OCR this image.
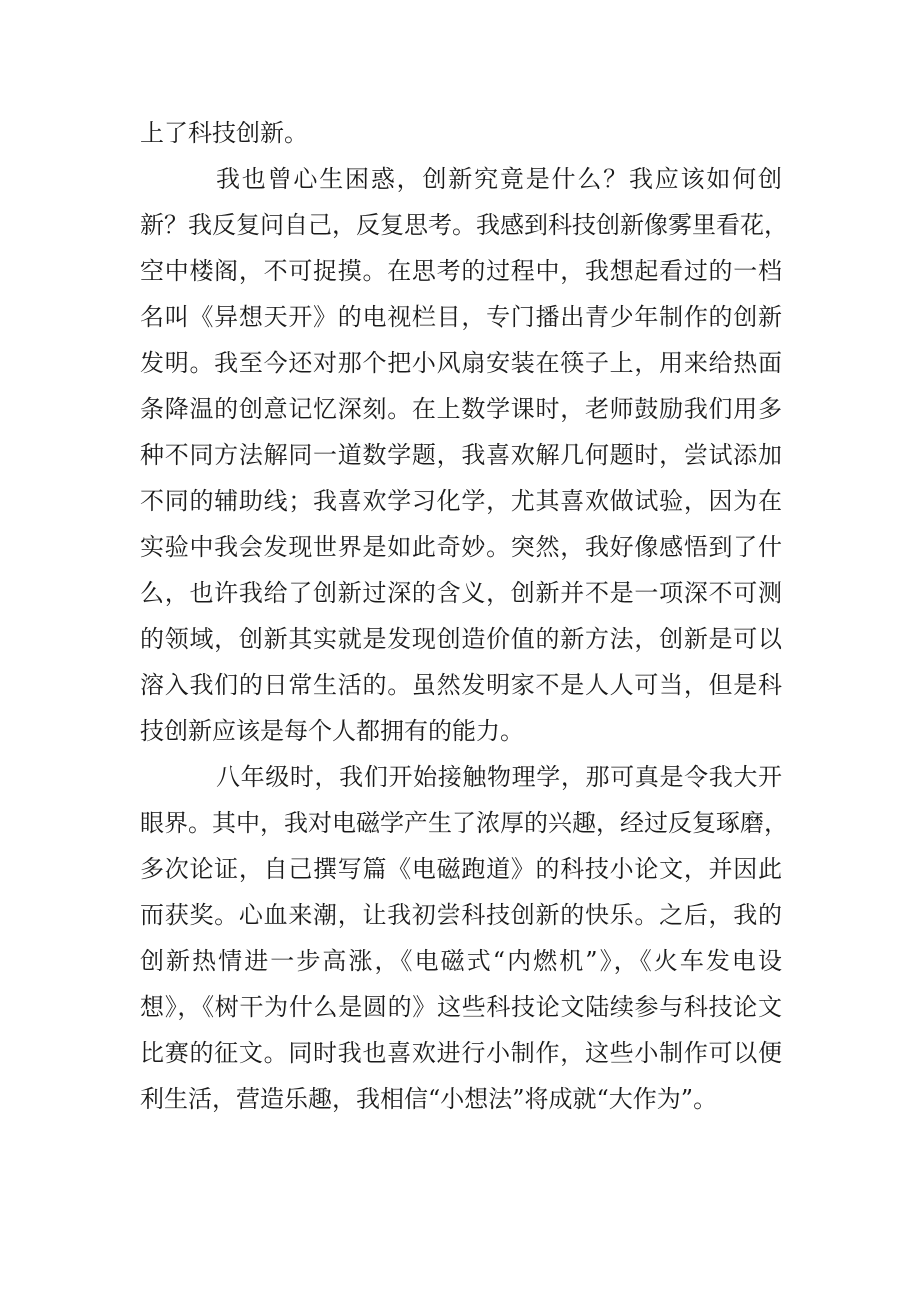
上了科技创新。
我也曾心生困惑，创新究竟是什么？我应该如何创
新？我反复问自己，反复思考。我感到科技创新像雾里看花，
空中楼阁，不可捉摸。在思考的过程中，我想起看过的一档
名叫《异想天开》的电视栏目，专门播出青少年制作的创新
发明。我至今还对那个把小风扇安装在筷子上，用来给热面
条降温的创意记忆深刻。在上数学课时，老师鼓励我们用多
种不同方法解同一道数学题，我喜欢解几何题时，尝试添加
不同的辅助线；我喜欢学习化学，尤其喜欢做试验，因为在
实验中我会发现世界是如此奇妙。突然，我好像感悟到了什
么，也许我给了创新过深的含义，创新并不是一项深不可测
的领域，创新其实就是发现创造价值的新方法，创新是可以
溶入我们的日常生活的。虽然发明家不是人人可当，但是科
技创新应该是每个人都拥有的能力。
八年级时，我们开始接触物理学，那可真是令我大开
眼界。其中，我对电磁学产生了浓厚的兴趣，经过反复琢磨，
多次论证，自己撰写篇《电磁跑道》的科技小论文，并因此
而获奖。心血来潮，让我初尝科技创新的快乐。之后，我的
创新热情进一步高涨，《电磁式“内燃机”》，《火车发电设
想》，《树干为什么是圆的》这些科技论文陆续参与科技论文
比赛的征文。同时我也喜欢进行小制作，这些小制作可以便
利生活，营造乐趣，我相信“小想法”将成就“大作为”。
